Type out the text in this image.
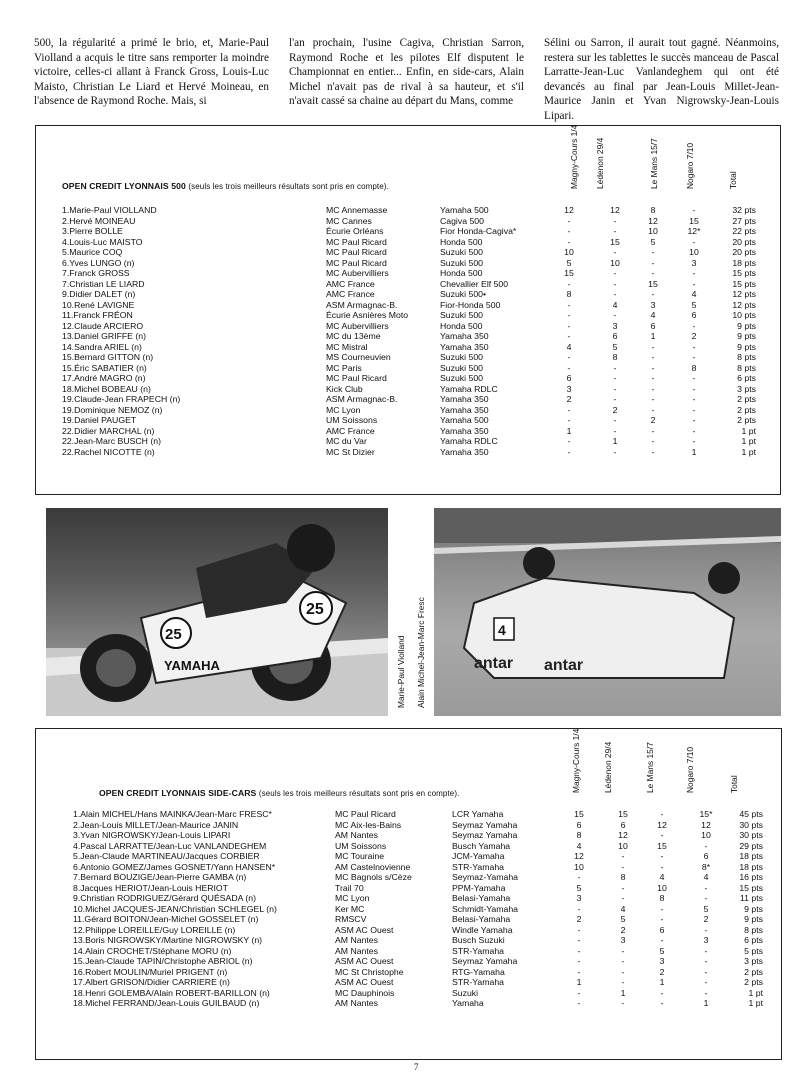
500, la régularité a primé le brio, et, Marie-Paul Violland a acquis le titre sans remporter la moindre victoire, celles-ci allant à Franck Gross, Louis-Luc Maisto, Christian Le Liard et Hervé Moineau, en l'absence de Raymond Roche. Mais, si
l'an prochain, l'usine Cagiva, Christian Sarron, Raymond Roche et les pilotes Elf disputent le Championnat en entier... Enfin, en side-cars, Alain Michel n'avait pas de rival à sa hauteur, et s'il n'avait cassé sa chaine au départ du Mans, comme
Sélini ou Sarron, il aurait tout gagné. Néanmoins, restera sur les tablettes le succès manceau de Pascal Larratte-Jean-Luc Vanlandeghem qui ont été devancés au final par Jean-Louis Millet-Jean-Maurice Janin et Yvan Nigrowsky-Jean-Louis Lipari.
Magny-Cours 1/4 Lédenon 29/4	Le Mans 15/7	Nogaro 7/10	Total
OPEN CREDIT LYONNAIS 500 (seuls les trois meilleurs résultats sont pris en compte).
1.Marie-Paul VIOLLAND	MC Annemasse	Yamaha 500	12	12	8	-	32 pts
2.Hervé MOINEAU	MC Cannes	Cagiva 500	-	-	12	15	27 pts
3.Pierre BOLLE	Écurie Orléans	Fior Honda-Cagiva*	-	-	10	12*	22 pts
4.Louis-Luc MAISTO	MC Paul Ricard	Honda 500	-	15	5	-	20 pts
5.Maurice COQ	MC Paul Ricard	Suzuki 500	10	-	-	10	20 pts
6.Yves LUNGO (n)	MC Paul Ricard	Suzuki 500	5	10	-	3	18 pts
7.Franck GROSS	MC Aubervilliers	Honda 500	15	-	-	-	15 pts
7.Christian LE LIARD	AMC France	Chevallier Elf 500	-	-	15	-	15 pts
9.Didier DALET (n)	AMC France	Suzuki 500•	8	-	-	4	12 pts
10.René LAVIGNE	ASM Armagnac-B.	Fior-Honda 500	-	4	3	5	12 pts
11.Franck FRÉON	Écurie Asnières Moto	Suzuki 500	-	-	4	6	10 pts
12.Claude ARCIERO	MC Aubervilliers	Honda 500	-	3	6	-	9 pts
13.Daniel GRIFFE (n)	MC du 13ème	Yamaha 350	-	6	1	2	9 pts
14.Sandra ARIEL (n)	MC Mistral	Yamaha 350	4	5	-	-	9 pts
15.Bernard GITTON (n)	MS Courneuvien	Suzuki 500	-	8	-	-	8 pts
15.Éric SABATIER (n)	MC Paris	Suzuki 500	-	-	-	8	8 pts
17.André MAGRO (n)	MC Paul Ricard	Suzuki 500	6	-	-	-	6 pts
18.Michel BOBEAU (n)	Kick Club	Yamaha RDLC	3	-	-	-	3 pts
19.Claude-Jean FRAPECH (n)	ASM Armagnac-B.	Yamaha 350	2	-	-	-	2 pts
19.Dominique NEMOZ (n)	MC Lyon	Yamaha 350	-	2	-	-	2 pts
19.Daniel PAUGET	UM Soissons	Yamaha 500	-	-	2	-	2 pts
22.Didier MARCHAL (n)	AMC France	Yamaha 350	1	-	-	-	1 pt
22.Jean-Marc BUSCH (n)	MC du Var	Yamaha RDLC	-	1	-	-	1 pt
22.Rachel NICOTTE (n)	MC St Dizier	Yamaha 350	-	-	-	1	1 pt
25
25
YAMAHA	Marie-Paul Violland Alain Michel-Jean-Marc Fresc	4
antar antar
Magny-Cours 1/4	Lédenon 29/4	Le Mans 15/7	Nogaro 7/10	Total
OPEN CREDIT LYONNAIS SIDE-CARS (seuls les trois meilleurs résultats sont pris en compte).
1.Alain MICHEL/Hans MAINKA/Jean-Marc FRESC*	MC Paul Ricard	LCR Yamaha	15	15	-	15*	45 pts
2.Jean-Louis MILLET/Jean-Maurice JANIN	MC Aix-les-Bains	Seymaz Yamaha	6	6	12	12	30 pts
3.Yvan NIGROWSKY/Jean-Louis LIPARI	AM Nantes	Seymaz Yamaha	8	12	-	10	30 pts
4.Pascal LARRATTE/Jean-Luc VANLANDEGHEM	UM Soissons	Busch Yamaha	4	10	15	-	29 pts
5.Jean-Claude MARTINEAU/Jacques CORBIER	MC Touraine	JCM-Yamaha	12	-	-	6	18 pts
6.Antonio GOMEZ/James GOSNET/Yann HANSEN*	AM Castelnovienne	STR-Yamaha	10	-	-	8*	18 pts
7.Bernard BOUZIGE/Jean-Pierre GAMBA (n)	MC Bagnols s/Cèze	Seymaz-Yamaha	-	8	4	4	16 pts
8.Jacques HERIOT/Jean-Louis HERIOT	Trail 70	PPM-Yamaha	5	-	10	-	15 pts
9.Christian RODRIGUEZ/Gérard QUÉSADA (n)	MC Lyon	Belasi-Yamaha	3	-	8	-	11 pts
10.Michel JACQUES-JEAN/Christian SCHLEGEL (n)	Ker MC	Schmidt-Yamaha	-	4	-	5	9 pts
11.Gérard BOITON/Jean-Michel GOSSELET (n)	RMSCV	Belasi-Yamaha	2	5	-	2	9 pts
12.Philippe LOREILLE/Guy LOREILLE (n)	ASM AC Ouest	Windle Yamaha	-	2	6	-	8 pts
13.Boris NIGROWSKY/Martine NIGROWSKY (n)	AM Nantes	Busch Suzuki	-	3	-	3	6 pts
14.Alain CROCHET/Stéphane MORU (n)	AM Nantes	STR-Yamaha	-	-	5	-	5 pts
15.Jean-Claude TAPIN/Christophe ABRIOL (n)	ASM AC Ouest	Seymaz Yamaha	-	-	3	-	3 pts
16.Robert MOULIN/Muriel PRIGENT (n)	MC St Christophe	RTG-Yamaha	-	-	2	-	2 pts
17.Albert GRISON/Didier CARRIERE (n)	ASM AC Ouest	STR-Yamaha	1	-	1	-	2 pts
18.Henri GOLEMBA/Alain ROBERT-BARILLON (n)	MC Dauphinois	Suzuki	-	1	-	-	1 pt
18.Michel FERRAND/Jean-Louis GUILBAUD (n)	AM Nantes	Yamaha	-	-	-	1	1 pt
7
